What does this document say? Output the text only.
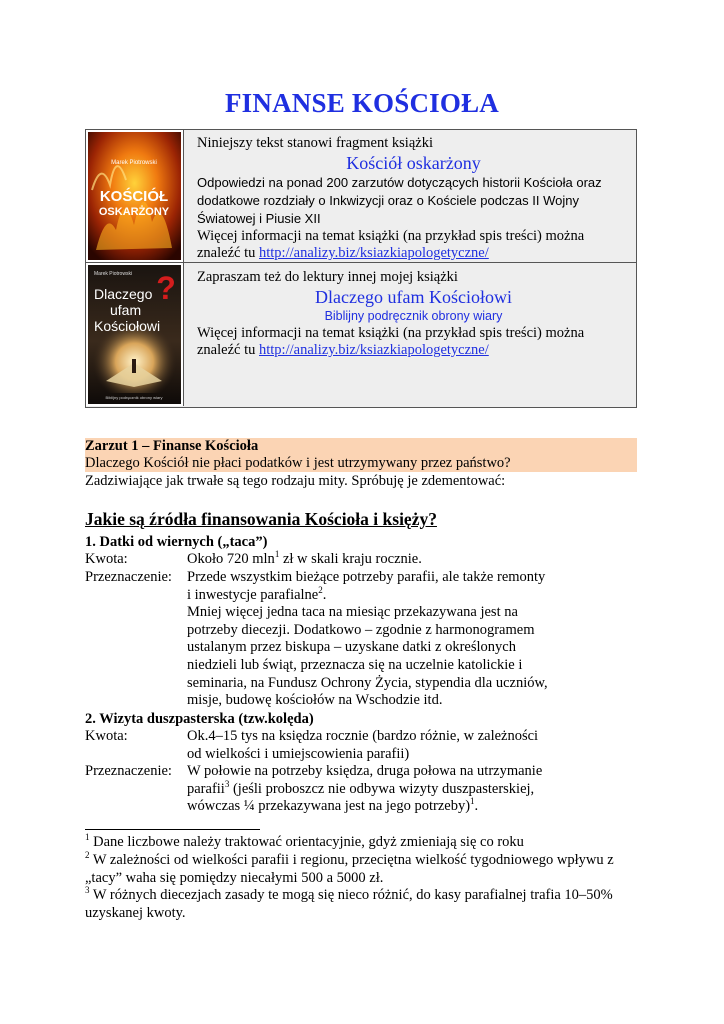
FINANSE KOŚCIOŁA
Marek Piotrowski
KOŚCIÓŁ
OSKARŻONY
Niniejszy tekst stanowi fragment książki
Kościół oskarżony
Odpowiedzi na ponad 200 zarzutów dotyczących historii Kościoła oraz dodatkowe rozdziały o Inkwizycji oraz o Kościele podczas II Wojny Światowej i Piusie XII
Więcej informacji na temat książki (na przykład spis treści) można znaleźć tu http://analizy.biz/ksiazkiapologetyczne/
Marek Piotrowski
Dlaczego
ufam
Kościołowi
?
Biblijny podręcznik obrony wiary
Zapraszam też do lektury innej mojej książki
Dlaczego ufam Kościołowi
Biblijny podręcznik obrony wiary
Więcej informacji na temat książki (na przykład spis treści) można znaleźć tu http://analizy.biz/ksiazkiapologetyczne/
Zarzut 1 – Finanse Kościoła
Dlaczego Kościół nie płaci podatków i jest utrzymywany przez państwo?
Zadziwiające jak trwałe są tego rodzaju mity. Spróbuję je zdementować:
Jakie są źródła finansowania Kościoła i księży?
1. Datki od wiernych („taca”)
Kwota:	Około 720 mln$^1$ zł w skali kraju rocznie.
Przeznaczenie: Przede wszystkim bieżące potrzeby parafii, ale także remonty
i inwestycje parafialne$^2$.
Mniej więcej jedna taca na miesiąc przekazywana jest na
potrzeby diecezji. Dodatkowo – zgodnie z harmonogramem
ustalanym przez biskupa – uzyskane datki z określonych
niedzieli lub świąt, przeznacza się na uczelnie katolickie i
seminaria, na Fundusz Ochrony Życia, stypendia dla uczniów,
misje, budowę kościołów na Wschodzie itd.
2. Wizyta duszpasterska (tzw.kolęda)
Kwota:	Ok.4–15 tys na księdza rocznie (bardzo różnie, w zależności
od wielkości i umiejscowienia parafii)
Przeznaczenie: W połowie na potrzeby księdza, druga połowa na utrzymanie
parafii$^3$ (jeśli proboszcz nie odbywa wizyty duszpasterskiej,
wówczas ¼ przekazywana jest na jego potrzeby)$^1$.
$^1$ Dane liczbowe należy traktować orientacyjnie, gdyż zmieniają się co roku
$^2$ W zależności od wielkości parafii i regionu, przeciętna wielkość tygodniowego wpływu z „tacy” waha się pomiędzy niecałymi 500 a 5000 zł.
$^3$ W różnych diecezjach zasady te mogą się nieco różnić, do kasy parafialnej trafia 10–50% uzyskanej kwoty.
